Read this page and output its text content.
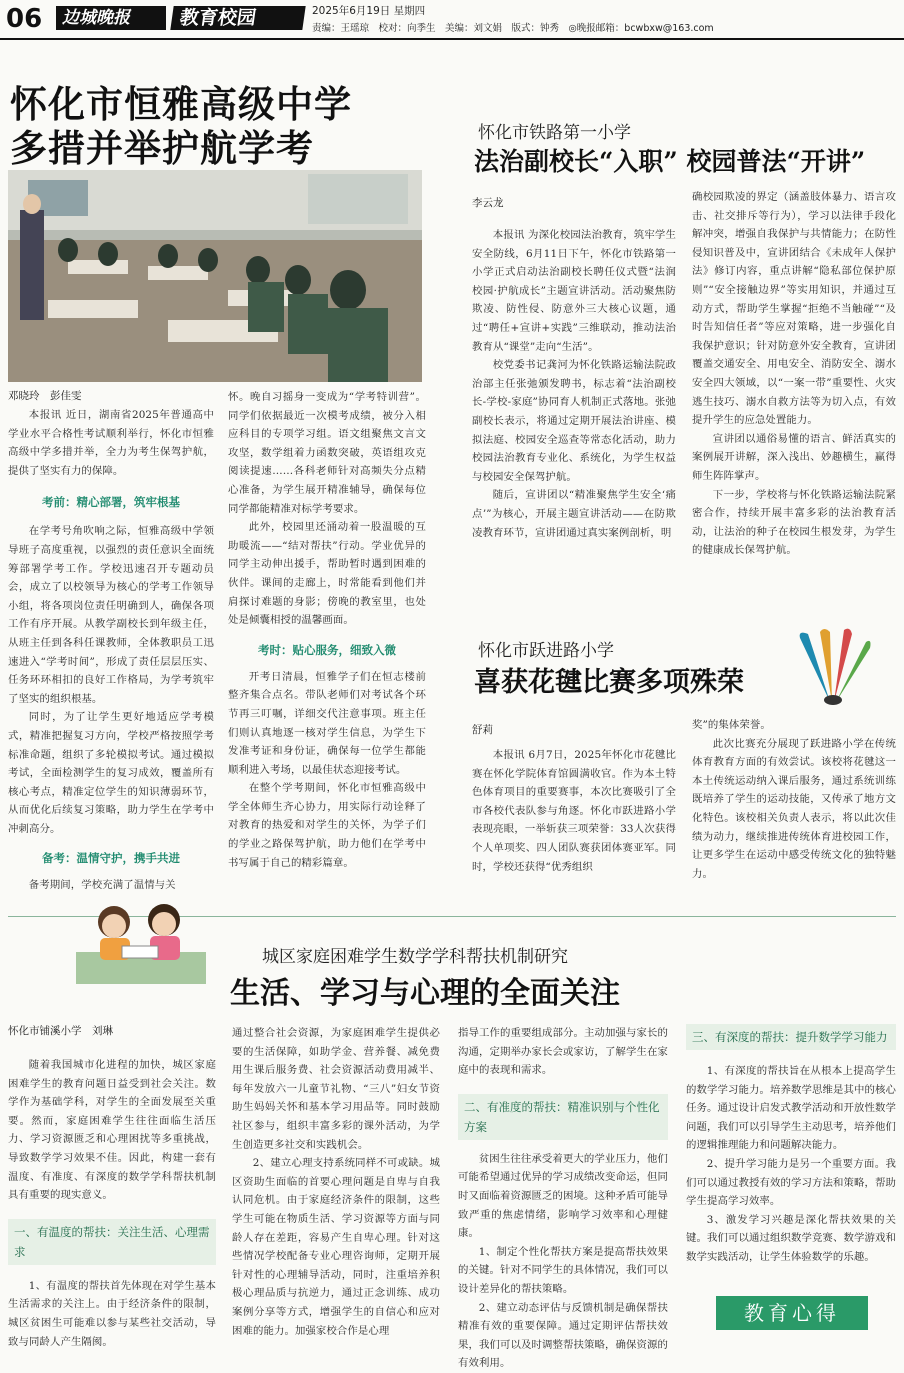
06	边城晚报	教育校园	2025年6月19日 星期四
责编：王瑶琼　校对：向季生　美编：刘文娟　版式：钟秀　◎晚报邮箱：bcwbxw@163.com
怀化市恒雅高级中学
多措并举护航学考
邓晓玲　彭佳雯
本报讯 近日，湖南省2025年普通高中学业水平合格性考试顺利举行，怀化市恒雅高级中学多措并举，全力为考生保驾护航，提供了坚实有力的保障。
考前：精心部署，筑牢根基
在学考号角吹响之际，恒雅高级中学领导班子高度重视，以强烈的责任意识全面统筹部署学考工作。学校迅速召开专题动员会，成立了以校领导为核心的学考工作领导小组，将各项岗位责任明确到人，确保各项工作有序开展。从教学副校长到年级主任，从班主任到各科任课教师，全体教职员工迅速进入“学考时间”，形成了责任层层压实、任务环环相扣的良好工作格局，为学考筑牢了坚实的组织根基。
同时，为了让学生更好地适应学考模式，精准把握复习方向，学校严格按照学考标准命题，组织了多轮模拟考试。通过模拟考试，全面检测学生的复习成效，覆盖所有核心考点，精准定位学生的知识薄弱环节，从而优化后续复习策略，助力学生在学考中冲刺高分。
备考：温情守护，携手共进
备考期间，学校充满了温情与关
怀。晚自习摇身一变成为“学考特训营”。同学们依据最近一次模考成绩，被分入相应科目的专项学习组。语文组聚焦文言文攻坚，数学组着力函数突破，英语组攻克阅读提速……各科老师针对高频失分点精心准备，为学生展开精准辅导，确保每位同学都能精准对标学考要求。
此外，校园里还涌动着一股温暖的互助暖流——“结对帮扶”行动。学业优异的同学主动伸出援手，帮助暂时遇到困难的伙伴。课间的走廊上，时常能看到他们并肩探讨难题的身影；傍晚的教室里，也处处是倾囊相授的温馨画面。
考时：贴心服务，细致入微
开考日清晨，恒雅学子们在恒志楼前整齐集合点名。带队老师们对考试各个环节再三叮嘱，详细交代注意事项。班主任们则认真地逐一核对学生信息，为学生下发准考证和身份证，确保每一位学生都能顺利进入考场，以最佳状态迎接考试。
在整个学考期间，怀化市恒雅高级中学全体师生齐心协力，用实际行动诠释了对教育的热爱和对学生的关怀，为学子们的学业之路保驾护航，助力他们在学考中书写属于自己的精彩篇章。
怀化市铁路第一小学
法治副校长“入职” 校园普法“开讲”
李云龙
本报讯 为深化校园法治教育，筑牢学生安全防线，6月11日下午，怀化市铁路第一小学正式启动法治副校长聘任仪式暨“法润校园·护航成长”主题宣讲活动。活动聚焦防欺凌、防性侵、防意外三大核心议题，通过“聘任+宣讲+实践”三维联动，推动法治教育从“课堂”走向“生活”。
校党委书记龚河为怀化铁路运输法院政治部主任张弛颁发聘书，标志着“法治副校长-学校-家庭”协同育人机制正式落地。张弛副校长表示，将通过定期开展法治讲座、模拟法庭、校园安全巡查等常态化活动，助力校园法治教育专业化、系统化，为学生权益与校园安全保驾护航。
随后，宣讲团以“精准聚焦学生安全‘痛点’”为核心，开展主题宣讲活动——在防欺凌教育环节，宣讲团通过真实案例剖析，明
确校园欺凌的界定（涵盖肢体暴力、语言攻击、社交排斥等行为），学习以法律手段化解冲突，增强自我保护与共情能力；在防性侵知识普及中，宣讲团结合《未成年人保护法》修订内容，重点讲解“隐私部位保护原则”“安全接触边界”等实用知识，并通过互动方式，帮助学生掌握“拒绝不当触碰”“及时告知信任者”等应对策略，进一步强化自我保护意识；针对防意外安全教育，宣讲团覆盖交通安全、用电安全、消防安全、溺水安全四大领域，以“一案一带”重要性、火灾逃生技巧、溺水自救方法等为切入点，有效提升学生的应急处置能力。
宣讲团以通俗易懂的语言、鲜活真实的案例展开讲解，深入浅出、妙趣横生，赢得师生阵阵掌声。
下一步，学校将与怀化铁路运输法院紧密合作，持续开展丰富多彩的法治教育活动，让法治的种子在校园生根发芽，为学生的健康成长保驾护航。
怀化市跃进路小学
喜获花毽比赛多项殊荣
舒莉
本报讯 6月7日，2025年怀化市花毽比赛在怀化学院体育馆圆满收官。作为本土特色体育项目的重要赛事，本次比赛吸引了全市各校代表队参与角逐。怀化市跃进路小学表现亮眼，一举斩获三项荣誉：33人次获得个人单项奖、四人团队赛获团体赛亚军。同时，学校还获得“优秀组织
奖”的集体荣誉。
此次比赛充分展现了跃进路小学在传统体育教育方面的有效尝试。该校将花毽这一本土传统运动纳入课后服务，通过系统训练既培养了学生的运动技能，又传承了地方文化特色。该校相关负责人表示，将以此次佳绩为动力，继续推进传统体育进校园工作，让更多学生在运动中感受传统文化的独特魅力。
城区家庭困难学生数学学科帮扶机制研究
生活、学习与心理的全面关注
怀化市铺溪小学　刘琳
随着我国城市化进程的加快，城区家庭困难学生的教育问题日益受到社会关注。数学作为基础学科，对学生的全面发展至关重要。然而，家庭困难学生往往面临生活压力、学习资源匮乏和心理困扰等多重挑战，导致数学学习效果不佳。因此，构建一套有温度、有准度、有深度的数学学科帮扶机制具有重要的现实意义。
一、有温度的帮扶：关注生活、心理需求
1、有温度的帮扶首先体现在对学生基本生活需求的关注上。由于经济条件的限制，城区贫困生可能难以参与某些社交活动，导致与同龄人产生隔阂。
通过整合社会资源，为家庭困难学生提供必要的生活保障，如助学金、营养餐、减免费用生课后服务费、社会资源活动费用减半、每年发放六一儿童节礼物、“三八”妇女节资助生妈妈关怀和基本学习用品等。同时鼓励社区参与，组织丰富多彩的课外活动，为学生创造更多社交和实践机会。
2、建立心理支持系统同样不可或缺。城区资助生面临的首要心理问题是自卑与自我认同危机。由于家庭经济条件的限制，这些学生可能在物质生活、学习资源等方面与同龄人存在差距，容易产生自卑心理。针对这些情况学校配备专业心理咨询师，定期开展针对性的心理辅导活动，同时，注重培养积极心理品质与抗逆力，通过正念训练、成功案例分享等方式，增强学生的自信心和应对困难的能力。加强家校合作是心理
指导工作的重要组成部分。主动加强与家长的沟通，定期举办家长会或家访，了解学生在家庭中的表现和需求。
二、有准度的帮扶：精准识别与个性化方案
贫困生往往承受着更大的学业压力，他们可能希望通过优异的学习成绩改变命运，但同时又面临着资源匮乏的困境。这种矛盾可能导致严重的焦虑情绪，影响学习效率和心理健康。
1、制定个性化帮扶方案是提高帮扶效果的关键。针对不同学生的具体情况，我们可以设计差异化的帮扶策略。
2、建立动态评估与反馈机制是确保帮扶精准有效的重要保障。通过定期评估帮扶效果，我们可以及时调整帮扶策略，确保资源的有效利用。
三、有深度的帮扶：提升数学学习能力
1、有深度的帮扶旨在从根本上提高学生的数学学习能力。培养数学思维是其中的核心任务。通过设计启发式教学活动和开放性数学问题，我们可以引导学生主动思考，培养他们的逻辑推理能力和问题解决能力。
2、提升学习能力是另一个重要方面。我们可以通过教授有效的学习方法和策略，帮助学生提高学习效率。
3、激发学习兴趣是深化帮扶效果的关键。我们可以通过组织数学竞赛、数学游戏和数学实践活动，让学生体验数学的乐趣。
教育心得
